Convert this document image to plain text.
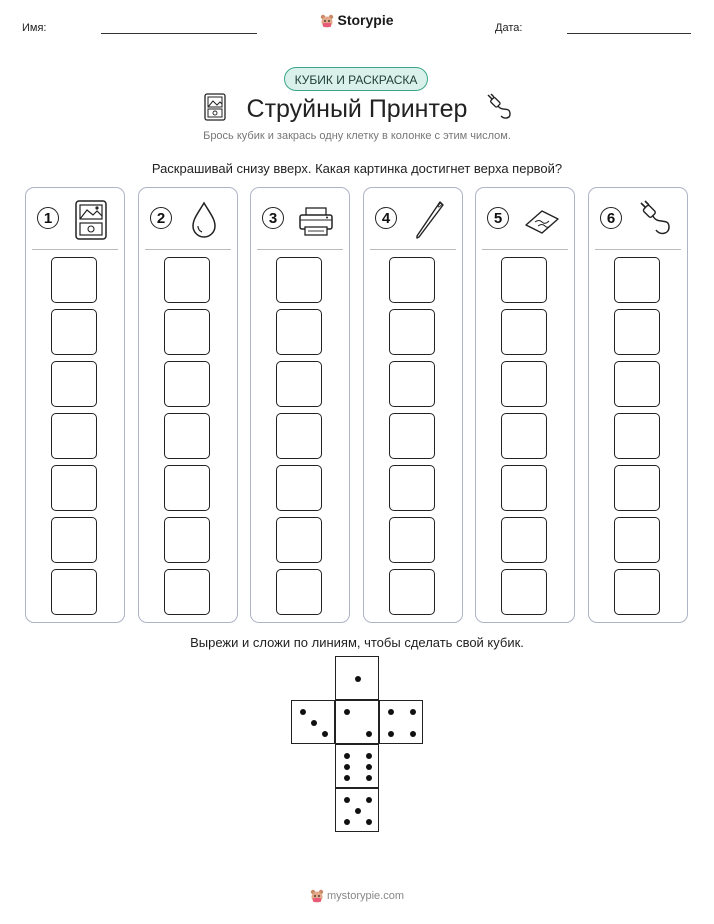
Имя:	Storypie	Дата:
КУБИК И РАСКРАСКА
Струйный Принтер
Брось кубик и закрась одну клетку в колонке с этим числом.
Раскрашивай снизу вверх. Какая картинка достигнет верха первой?
1	2	3	4	5	6
Вырежи и сложи по линиям, чтобы сделать свой кубик.
mystorypie.com
